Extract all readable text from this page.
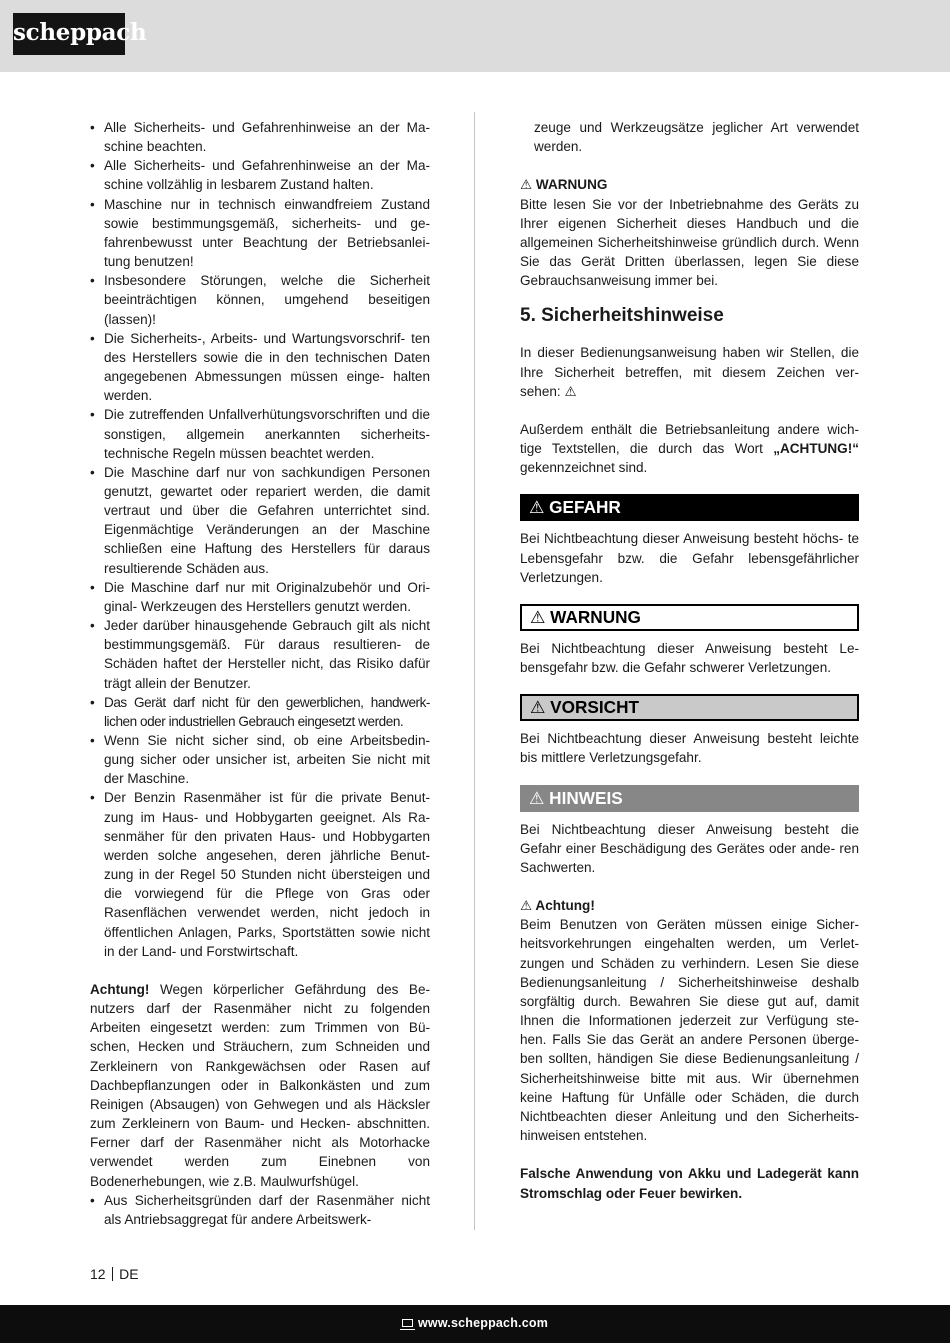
scheppach
• Alle Sicherheits- und Gefahrenhinweise an der Ma- schine beachten.
• Alle Sicherheits- und Gefahrenhinweise an der Ma- schine vollzählig in lesbarem Zustand halten.
• Maschine nur in technisch einwandfreiem Zustand sowie bestimmungsgemäß, sicherheits- und ge- fahrenbewusst unter Beachtung der Betriebsanlei- tung benutzen!
• Insbesondere Störungen, welche die Sicherheit beeinträchtigen können, umgehend beseitigen (lassen)!
• Die Sicherheits-, Arbeits- und Wartungsvorschrif- ten des Herstellers sowie die in den technischen Daten angegebenen Abmessungen müssen einge- halten werden.
• Die zutreffenden Unfallverhütungsvorschriften und die sonstigen, allgemein anerkannten sicherheits- technische Regeln müssen beachtet werden.
• Die Maschine darf nur von sachkundigen Personen genutzt, gewartet oder repariert werden, die damit vertraut und über die Gefahren unterrichtet sind. Eigenmächtige Veränderungen an der Maschine schließen eine Haftung des Herstellers für daraus resultierende Schäden aus.
• Die Maschine darf nur mit Originalzubehör und Ori- ginal- Werkzeugen des Herstellers genutzt werden.
• Jeder darüber hinausgehende Gebrauch gilt als nicht bestimmungsgemäß. Für daraus resultieren- de Schäden haftet der Hersteller nicht, das Risiko dafür trägt allein der Benutzer.
• Das Gerät darf nicht für den gewerblichen, handwerk- lichen oder industriellen Gebrauch eingesetzt werden.
• Wenn Sie nicht sicher sind, ob eine Arbeitsbedin- gung sicher oder unsicher ist, arbeiten Sie nicht mit der Maschine.
• Der Benzin Rasenmäher ist für die private Benut- zung im Haus- und Hobbygarten geeignet. Als Ra- senmäher für den privaten Haus- und Hobbygarten werden solche angesehen, deren jährliche Benut- zung in der Regel 50 Stunden nicht übersteigen und die vorwiegend für die Pflege von Gras oder Rasenflächen verwendet werden, nicht jedoch in öffentlichen Anlagen, Parks, Sportstätten sowie nicht in der Land- und Forstwirtschaft.

Achtung! Wegen körperlicher Gefährdung des Be- nutzers darf der Rasenmäher nicht zu folgenden Arbeiten eingesetzt werden: zum Trimmen von Bü- schen, Hecken und Sträuchern, zum Schneiden und Zerkleinern von Rankgewächsen oder Rasen auf Dachbepflanzungen oder in Balkonkästen und zum Reinigen (Absaugen) von Gehwegen und als Häcksler zum Zerkleinern von Baum- und Hecken- abschnitten. Ferner darf der Rasenmäher nicht als Motorhacke verwendet werden zum Einebnen von Bodenerhebungen, wie z.B. Maulwurfshügel.

• Aus Sicherheitsgründen darf der Rasenmäher nicht als Antriebsaggregat für andere Arbeitswerk-

zeuge und Werkzeugsätze jeglicher Art verwendet werden.

⚠ WARNUNG

Bitte lesen Sie vor der Inbetriebnahme des Geräts zu Ihrer eigenen Sicherheit dieses Handbuch und die allgemeinen Sicherheitshinweise gründlich durch. Wenn Sie das Gerät Dritten überlassen, legen Sie diese Gebrauchsanweisung immer bei.

5. Sicherheitshinweise

In dieser Bedienungsanweisung haben wir Stellen, die Ihre Sicherheit betreffen, mit diesem Zeichen ver- sehen: ⚠

Außerdem enthält die Betriebsanleitung andere wich- tige Textstellen, die durch das Wort „ACHTUNG!“ gekennzeichnet sind.

⚠ GEFAHR

Bei Nichtbeachtung dieser Anweisung besteht höchs- te Lebensgefahr bzw. die Gefahr lebensgefährlicher Verletzungen.

⚠ WARNUNG

Bei Nichtbeachtung dieser Anweisung besteht Le- bensgefahr bzw. die Gefahr schwerer Verletzungen.

⚠ VORSICHT

Bei Nichtbeachtung dieser Anweisung besteht leichte bis mittlere Verletzungsgefahr.

⚠ HINWEIS

Bei Nichtbeachtung dieser Anweisung besteht die Gefahr einer Beschädigung des Gerätes oder ande- ren Sachwerten.

⚠ Achtung!

Beim Benutzen von Geräten müssen einige Sicher- heitsvorkehrungen eingehalten werden, um Verlet- zungen und Schäden zu verhindern. Lesen Sie diese Bedienungsanleitung / Sicherheitshinweise deshalb sorgfältig durch. Bewahren Sie diese gut auf, damit Ihnen die Informationen jederzeit zur Verfügung ste- hen. Falls Sie das Gerät an andere Personen überge- ben sollten, händigen Sie diese Bedienungsanleitung / Sicherheitshinweise bitte mit aus. Wir übernehmen keine Haftung für Unfälle oder Schäden, die durch Nichtbeachten dieser Anleitung und den Sicherheits- hinweisen entstehen.

Falsche Anwendung von Akku und Ladegerät kann Stromschlag oder Feuer bewirken.

12 DE
www.scheppach.com
